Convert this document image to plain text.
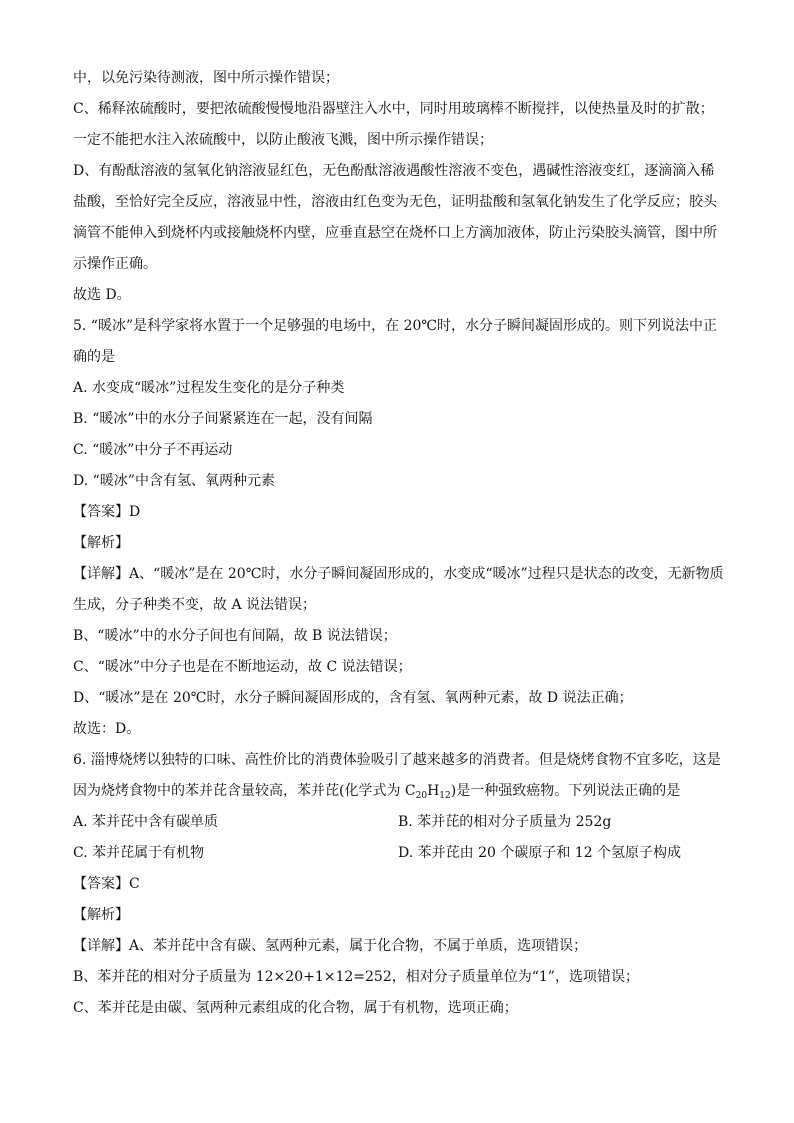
中，以免污染待测液，图中所示操作错误；
C、稀释浓硫酸时，要把浓硫酸慢慢地沿器壁注入水中，同时用玻璃棒不断搅拌，以使热量及时的扩散；
一定不能把水注入浓硫酸中，以防止酸液飞溅，图中所示操作错误；
D、有酚酞溶液的氢氧化钠溶液显红色，无色酚酞溶液遇酸性溶液不变色，遇碱性溶液变红，逐滴滴入稀
盐酸，至恰好完全反应，溶液显中性，溶液由红色变为无色，证明盐酸和氢氧化钠发生了化学反应；胶头
滴管不能伸入到烧杯内或接触烧杯内壁，应垂直悬空在烧杯口上方滴加液体，防止污染胶头滴管，图中所
示操作正确。
故选 D。
5. “暖冰”是科学家将水置于一个足够强的电场中，在 20℃时，水分子瞬间凝固形成的。则下列说法中正
确的是
A. 水变成“暖冰”过程发生变化的是分子种类
B. “暖冰”中的水分子间紧紧连在一起，没有间隔
C. “暖冰”中分子不再运动
D. “暖冰”中含有氢、氧两种元素
【答案】D
【解析】
【详解】A、“暖冰”是在 20℃时，水分子瞬间凝固形成的，水变成“暖冰”过程只是状态的改变，无新物质
生成，分子种类不变，故 A 说法错误；
B、“暖冰”中的水分子间也有间隔，故 B 说法错误；
C、“暖冰”中分子也是在不断地运动，故 C 说法错误；
D、“暖冰”是在 20℃时，水分子瞬间凝固形成的，含有氢、氧两种元素，故 D 说法正确；
故选：D。
6. 淄博烧烤以独特的口味、高性价比的消费体验吸引了越来越多的消费者。但是烧烤食物不宜多吃，这是
因为烧烤食物中的苯并芘含量较高，苯并芘(化学式为 $C_{20}H_{12}$)是一种强致癌物。下列说法正确的是
A. 苯并芘中含有碳单质	B. 苯并芘的相对分子质量为 252g
C. 苯并芘属于有机物	D. 苯并芘由 20 个碳原子和 12 个氢原子构成
【答案】C
【解析】
【详解】A、苯并芘中含有碳、氢两种元素，属于化合物，不属于单质，选项错误；
B、苯并芘的相对分子质量为 12×20+1×12=252，相对分子质量单位为“1”，选项错误；
C、苯并芘是由碳、氢两种元素组成的化合物，属于有机物，选项正确；
